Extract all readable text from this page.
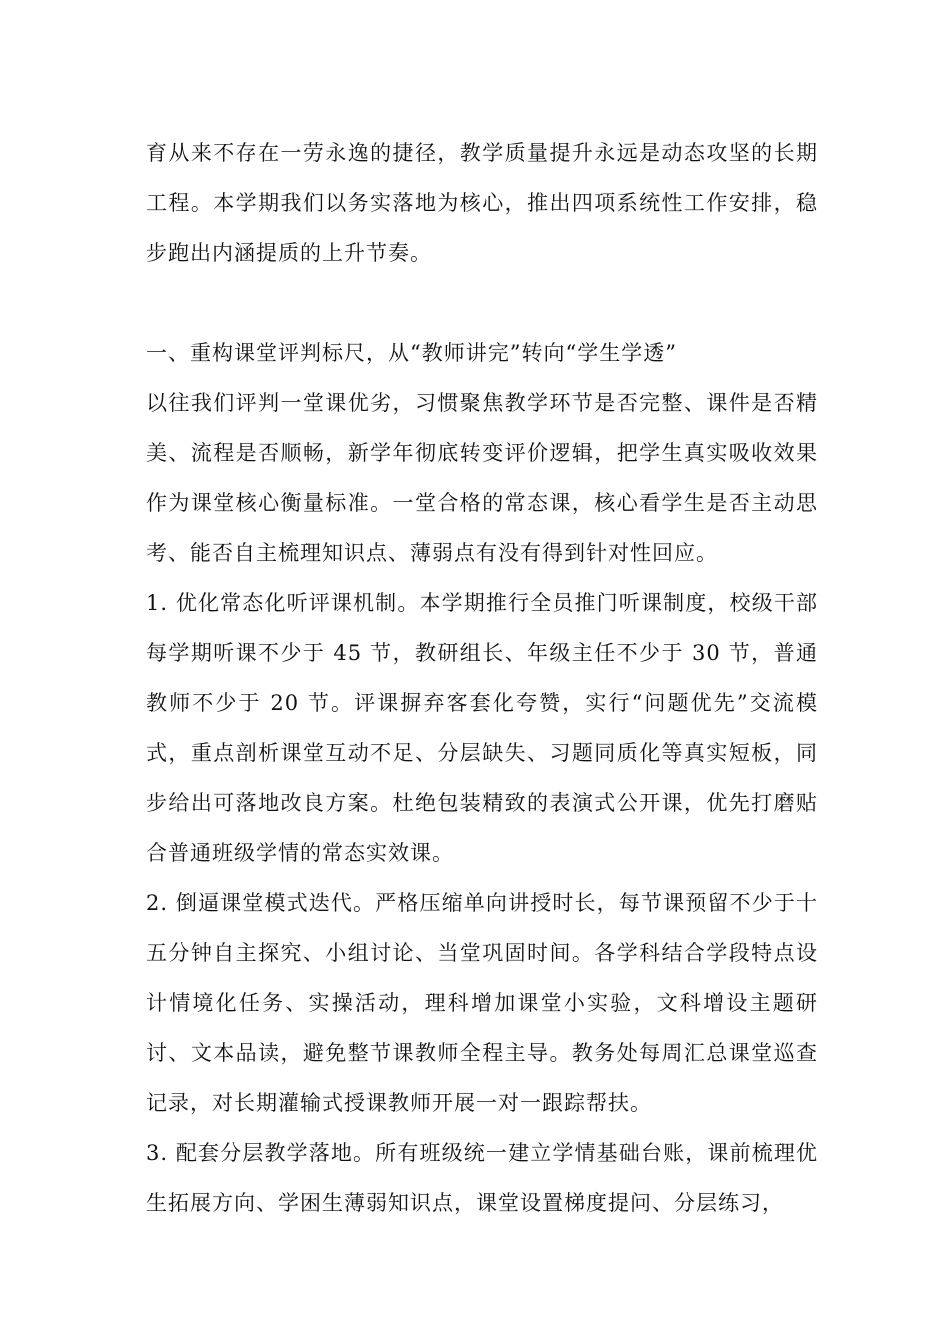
育从来不存在一劳永逸的捷径，教学质量提升永远是动态攻坚的长期工程。本学期我们以务实落地为核心，推出四项系统性工作安排，稳步跑出内涵提质的上升节奏。

一、重构课堂评判标尺，从“教师讲完”转向“学生学透”

以往我们评判一堂课优劣，习惯聚焦教学环节是否完整、课件是否精美、流程是否顺畅，新学年彻底转变评价逻辑，把学生真实吸收效果作为课堂核心衡量标准。一堂合格的常态课，核心看学生是否主动思考、能否自主梳理知识点、薄弱点有没有得到针对性回应。

1. 优化常态化听评课机制。本学期推行全员推门听课制度，校级干部每学期听课不少于 45 节，教研组长、年级主任不少于 30 节，普通教师不少于 20 节。评课摒弃客套化夸赞，实行“问题优先”交流模式，重点剖析课堂互动不足、分层缺失、习题同质化等真实短板，同步给出可落地改良方案。杜绝包装精致的表演式公开课，优先打磨贴合普通班级学情的常态实效课。

2. 倒逼课堂模式迭代。严格压缩单向讲授时长，每节课预留不少于十五分钟自主探究、小组讨论、当堂巩固时间。各学科结合学段特点设计情境化任务、实操活动，理科增加课堂小实验，文科增设主题研讨、文本品读，避免整节课教师全程主导。教务处每周汇总课堂巡查记录，对长期灌输式授课教师开展一对一跟踪帮扶。

3. 配套分层教学落地。所有班级统一建立学情基础台账，课前梳理优生拓展方向、学困生薄弱知识点，课堂设置梯度提问、分层练习，
